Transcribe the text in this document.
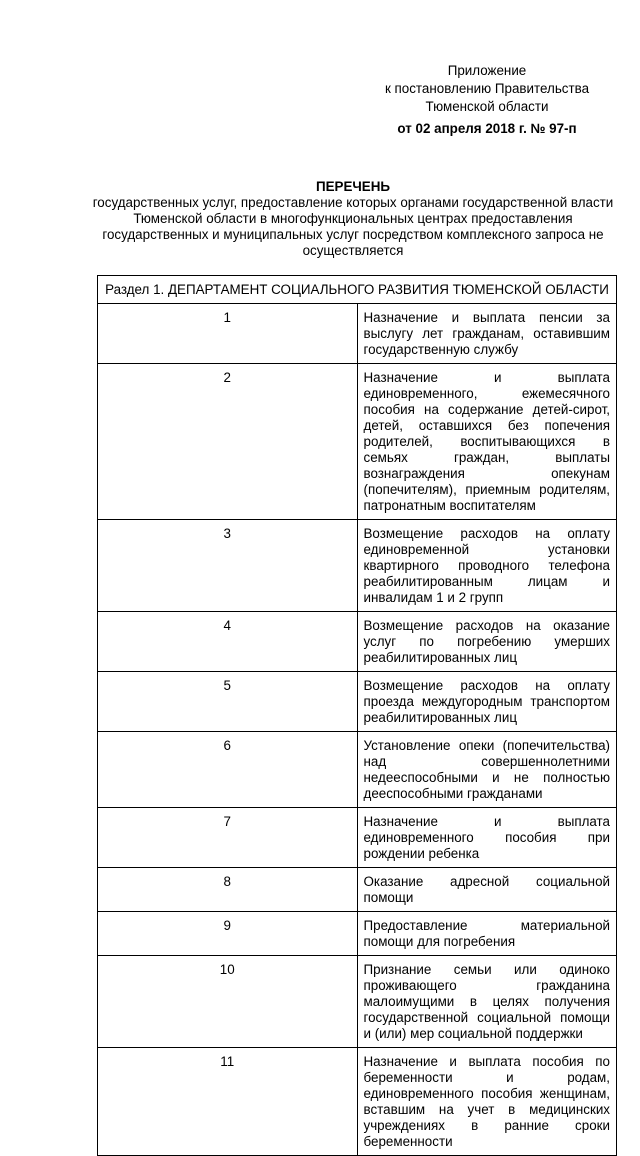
Приложение
к постановлению Правительства
Тюменской области
от 02 апреля 2018 г. № 97-п
ПЕРЕЧЕНЬ
государственных услуг, предоставление которых органами государственной власти Тюменской области в многофункциональных центрах предоставления государственных и муниципальных услуг посредством комплексного запроса не осуществляется
Раздел 1. ДЕПАРТАМЕНТ СОЦИАЛЬНОГО РАЗВИТИЯ ТЮМЕНСКОЙ ОБЛАСТИ	
1	Назначение и выплата пенсии за выслугу лет гражданам, оставившим государственную службу
2	Назначение и выплата единовременного, ежемесячного пособия на содержание детей-сирот, детей, оставшихся без попечения родителей, воспитывающихся в семьях граждан, выплаты вознаграждения опекунам (попечителям), приемным родителям, патронатным воспитателям
3	Возмещение расходов на оплату единовременной установки квартирного проводного телефона реабилитированным лицам и инвалидам 1 и 2 групп
4	Возмещение расходов на оказание услуг по погребению умерших реабилитированных лиц
5	Возмещение расходов на оплату проезда междугородным транспортом реабилитированных лиц
6	Установление опеки (попечительства) над совершеннолетними недееспособными и не полностью дееспособными гражданами
7	Назначение и выплата единовременного пособия при рождении ребенка
8	Оказание адресной социальной помощи
9	Предоставление материальной помощи для погребения
10	Признание семьи или одиноко проживающего гражданина малоимущими в целях получения государственной социальной помощи и (или) мер социальной поддержки
11	Назначение и выплата пособия по беременности и родам, единовременного пособия женщинам, вставшим на учет в медицинских учреждениях в ранние сроки беременности
